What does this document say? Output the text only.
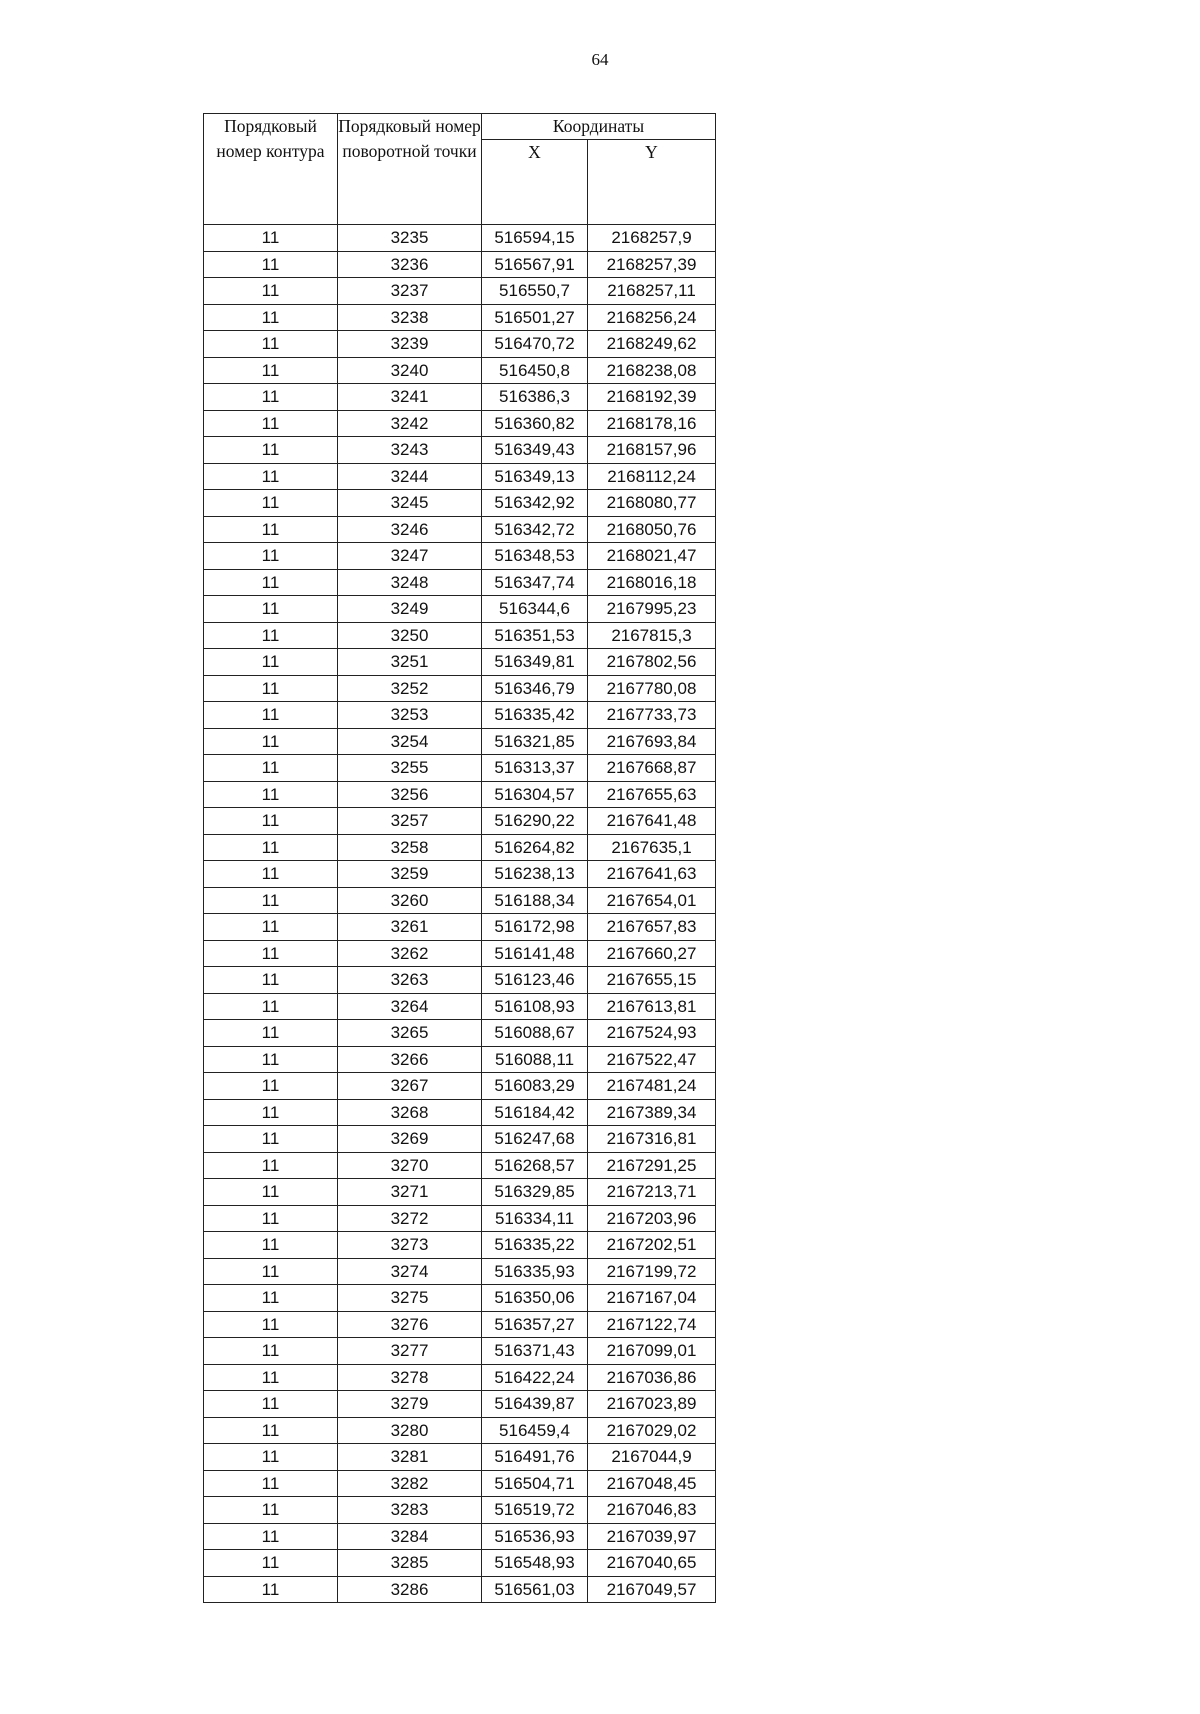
64
Порядковый номер контура	Порядковый номер поворотной точки	Координаты	
		X	Y
11	3235	516594,15	2168257,9
11	3236	516567,91	2168257,39
11	3237	516550,7	2168257,11
11	3238	516501,27	2168256,24
11	3239	516470,72	2168249,62
11	3240	516450,8	2168238,08
11	3241	516386,3	2168192,39
11	3242	516360,82	2168178,16
11	3243	516349,43	2168157,96
11	3244	516349,13	2168112,24
11	3245	516342,92	2168080,77
11	3246	516342,72	2168050,76
11	3247	516348,53	2168021,47
11	3248	516347,74	2168016,18
11	3249	516344,6	2167995,23
11	3250	516351,53	2167815,3
11	3251	516349,81	2167802,56
11	3252	516346,79	2167780,08
11	3253	516335,42	2167733,73
11	3254	516321,85	2167693,84
11	3255	516313,37	2167668,87
11	3256	516304,57	2167655,63
11	3257	516290,22	2167641,48
11	3258	516264,82	2167635,1
11	3259	516238,13	2167641,63
11	3260	516188,34	2167654,01
11	3261	516172,98	2167657,83
11	3262	516141,48	2167660,27
11	3263	516123,46	2167655,15
11	3264	516108,93	2167613,81
11	3265	516088,67	2167524,93
11	3266	516088,11	2167522,47
11	3267	516083,29	2167481,24
11	3268	516184,42	2167389,34
11	3269	516247,68	2167316,81
11	3270	516268,57	2167291,25
11	3271	516329,85	2167213,71
11	3272	516334,11	2167203,96
11	3273	516335,22	2167202,51
11	3274	516335,93	2167199,72
11	3275	516350,06	2167167,04
11	3276	516357,27	2167122,74
11	3277	516371,43	2167099,01
11	3278	516422,24	2167036,86
11	3279	516439,87	2167023,89
11	3280	516459,4	2167029,02
11	3281	516491,76	2167044,9
11	3282	516504,71	2167048,45
11	3283	516519,72	2167046,83
11	3284	516536,93	2167039,97
11	3285	516548,93	2167040,65
11	3286	516561,03	2167049,57
